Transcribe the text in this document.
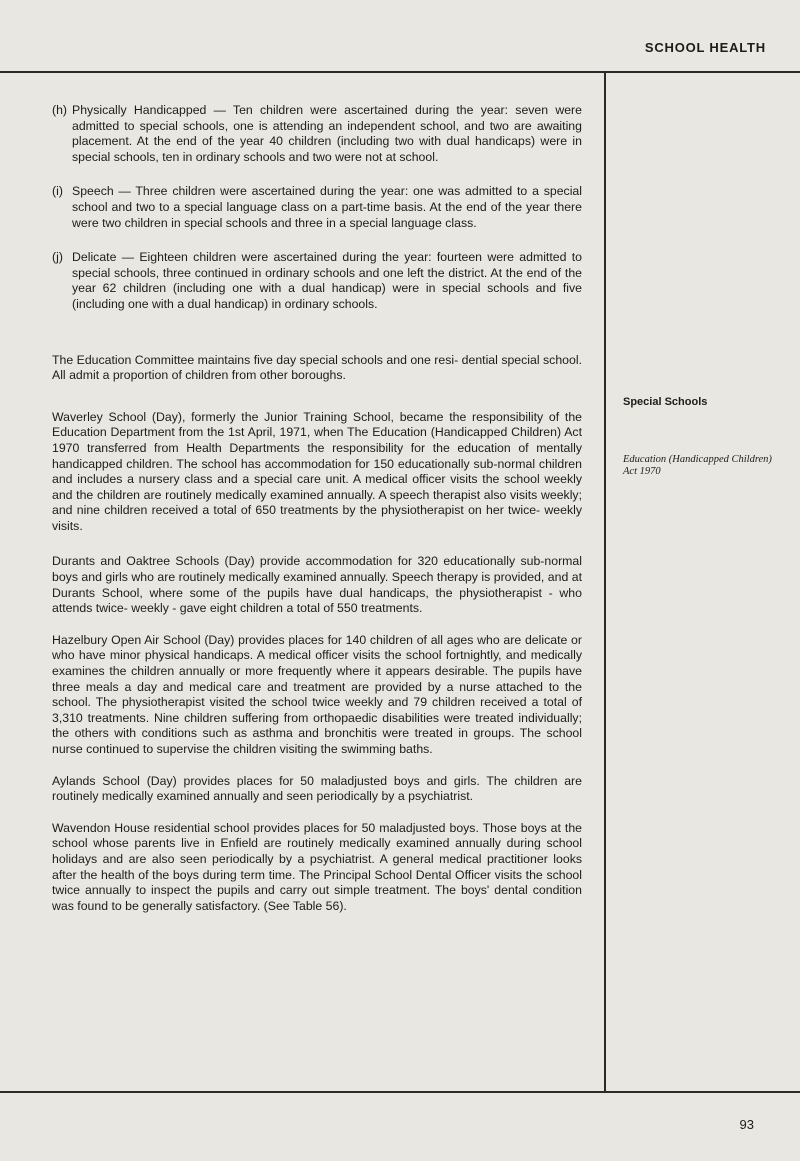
SCHOOL HEALTH
(h) Physically Handicapped — Ten children were ascertained during the year: seven were admitted to special schools, one is attending an independent school, and two are awaiting placement. At the end of the year 40 children (including two with dual handicaps) were in special schools, ten in ordinary schools and two were not at school.

(i) Speech — Three children were ascertained during the year: one was admitted to a special school and two to a special language class on a part-time basis. At the end of the year there were two children in special schools and three in a special language class.

(j) Delicate — Eighteen children were ascertained during the year: fourteen were admitted to special schools, three continued in ordinary schools and one left the district. At the end of the year 62 children (including one with a dual handicap) were in special schools and five (including one with a dual handicap) in ordinary schools.

The Education Committee maintains five day special schools and one resi- dential special school. All admit a proportion of children from other boroughs.

Waverley School (Day), formerly the Junior Training School, became the responsibility of the Education Department from the 1st April, 1971, when The Education (Handicapped Children) Act 1970 transferred from Health Departments the responsibility for the education of mentally handicapped children. The school has accommodation for 150 educationally sub-normal children and includes a nursery class and a special care unit. A medical officer visits the school weekly and the children are routinely medically examined annually. A speech therapist also visits weekly; and nine children received a total of 650 treatments by the physiotherapist on her twice- weekly visits.

Durants and Oaktree Schools (Day) provide accommodation for 320 educationally sub-normal boys and girls who are routinely medically examined annually. Speech therapy is provided, and at Durants School, where some of the pupils have dual handicaps, the physiotherapist - who attends twice- weekly - gave eight children a total of 550 treatments.

Hazelbury Open Air School (Day) provides places for 140 children of all ages who are delicate or who have minor physical handicaps. A medical officer visits the school fortnightly, and medically examines the children annually or more frequently where it appears desirable. The pupils have three meals a day and medical care and treatment are provided by a nurse attached to the school. The physiotherapist visited the school twice weekly and 79 children received a total of 3,310 treatments. Nine children suffering from orthopaedic disabilities were treated individually; the others with conditions such as asthma and bronchitis were treated in groups. The school nurse continued to supervise the children visiting the swimming baths.

Aylands School (Day) provides places for 50 maladjusted boys and girls. The children are routinely medically examined annually and seen periodically by a psychiatrist.

Wavendon House residential school provides places for 50 maladjusted boys. Those boys at the school whose parents live in Enfield are routinely medically examined annually during school holidays and are also seen periodically by a psychiatrist. A general medical practitioner looks after the health of the boys during term time. The Principal School Dental Officer visits the school twice annually to inspect the pupils and carry out simple treatment. The boys' dental condition was found to be generally satisfactory. (See Table 56).

Special Schools
Education (Handicapped Children) Act 1970
93
